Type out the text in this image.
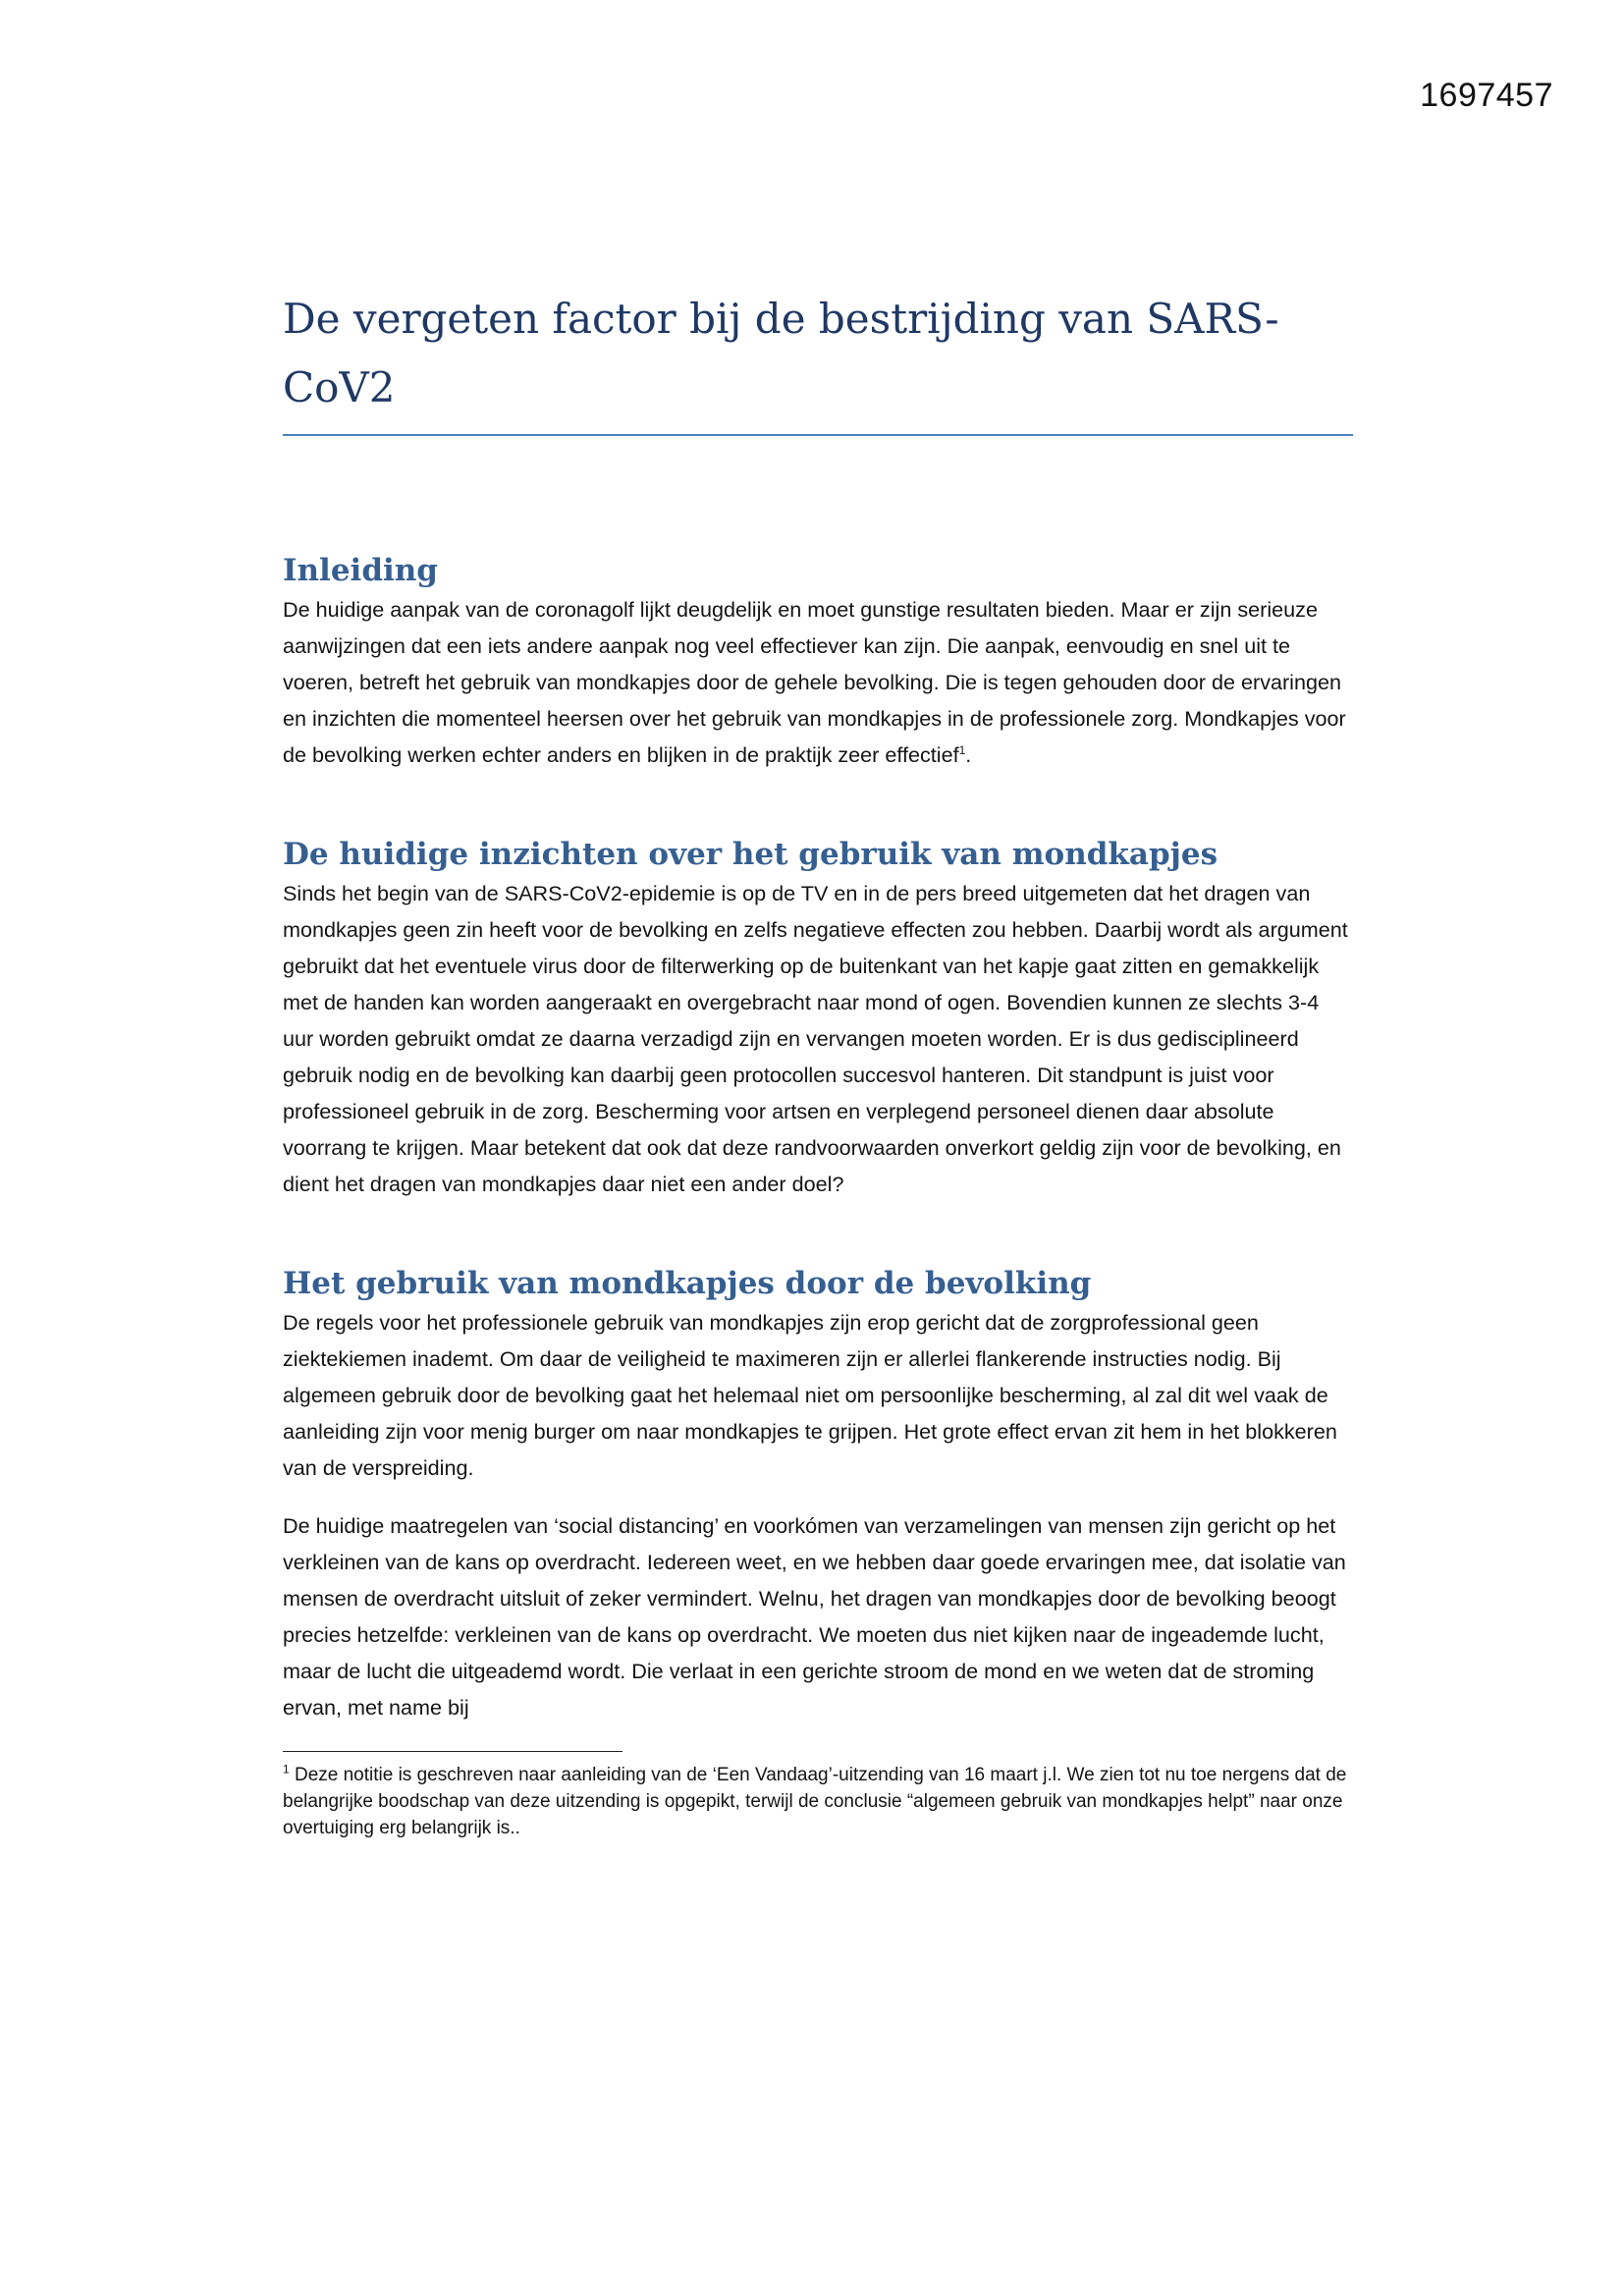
1697457
De vergeten factor bij de bestrijding van SARS-CoV2
Inleiding

De huidige aanpak van de coronagolf lijkt deugdelijk en moet gunstige resultaten bieden. Maar er zijn serieuze aanwijzingen dat een iets andere aanpak nog veel effectiever kan zijn. Die aanpak, eenvoudig en snel uit te voeren, betreft het gebruik van mondkapjes door de gehele bevolking. Die is tegen gehouden door de ervaringen en inzichten die momenteel heersen over het gebruik van mondkapjes in de professionele zorg. Mondkapjes voor de bevolking werken echter anders en blijken in de praktijk zeer effectief$^1$.

De huidige inzichten over het gebruik van mondkapjes

Sinds het begin van de SARS-CoV2-epidemie is op de TV en in de pers breed uitgemeten dat het dragen van mondkapjes geen zin heeft voor de bevolking en zelfs negatieve effecten zou hebben. Daarbij wordt als argument gebruikt dat het eventuele virus door de filterwerking op de buitenkant van het kapje gaat zitten en gemakkelijk met de handen kan worden aangeraakt en overgebracht naar mond of ogen. Bovendien kunnen ze slechts 3-4 uur worden gebruikt omdat ze daarna verzadigd zijn en vervangen moeten worden. Er is dus gedisciplineerd gebruik nodig en de bevolking kan daarbij geen protocollen succesvol hanteren. Dit standpunt is juist voor professioneel gebruik in de zorg. Bescherming voor artsen en verplegend personeel dienen daar absolute voorrang te krijgen. Maar betekent dat ook dat deze randvoorwaarden onverkort geldig zijn voor de bevolking, en dient het dragen van mondkapjes daar niet een ander doel?

Het gebruik van mondkapjes door de bevolking

De regels voor het professionele gebruik van mondkapjes zijn erop gericht dat de zorgprofessional geen ziektekiemen inademt. Om daar de veiligheid te maximeren zijn er allerlei flankerende instructies nodig. Bij algemeen gebruik door de bevolking gaat het helemaal niet om persoonlijke bescherming, al zal dit wel vaak de aanleiding zijn voor menig burger om naar mondkapjes te grijpen. Het grote effect ervan zit hem in het blokkeren van de verspreiding.

De huidige maatregelen van ‘social distancing’ en voorkómen van verzamelingen van mensen zijn gericht op het verkleinen van de kans op overdracht. Iedereen weet, en we hebben daar goede ervaringen mee, dat isolatie van mensen de overdracht uitsluit of zeker vermindert. Welnu, het dragen van mondkapjes door de bevolking beoogt precies hetzelfde: verkleinen van de kans op overdracht. We moeten dus niet kijken naar de ingeademde lucht, maar de lucht die uitgeademd wordt. Die verlaat in een gerichte stroom de mond en we weten dat de stroming ervan, met name bij

$^1$ Deze notitie is geschreven naar aanleiding van de ‘Een Vandaag’-uitzending van 16 maart j.l. We zien tot nu toe nergens dat de belangrijke boodschap van deze uitzending is opgepikt, terwijl de conclusie “algemeen gebruik van mondkapjes helpt” naar onze overtuiging erg belangrijk is..
